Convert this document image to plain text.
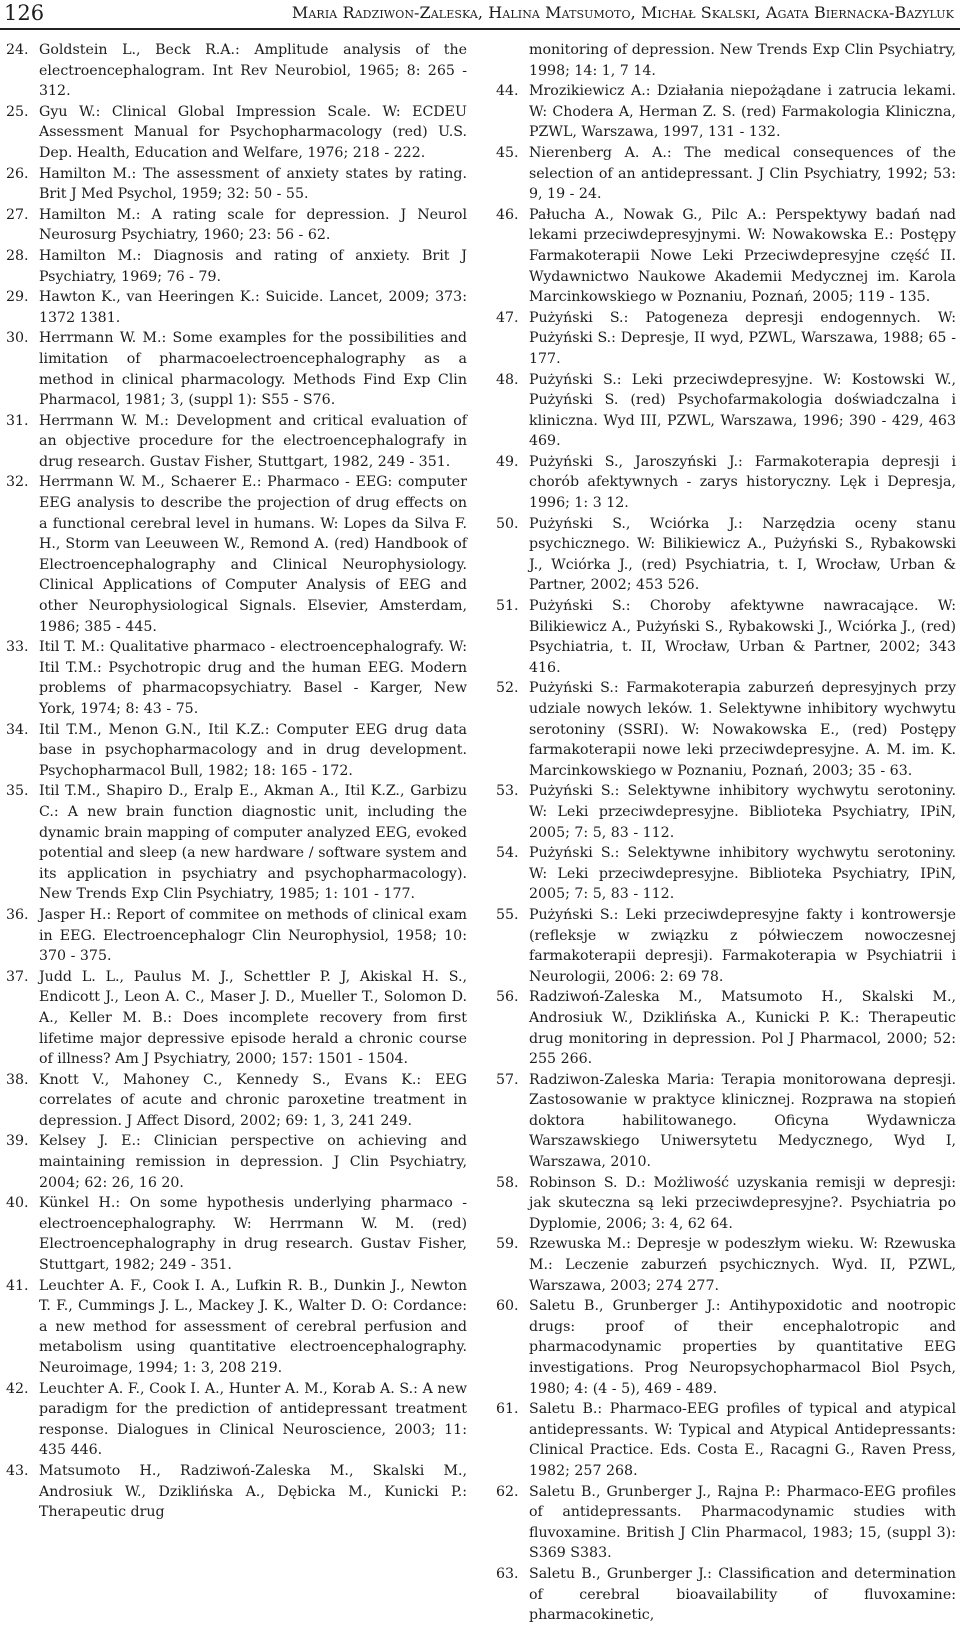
126	Maria Radziwon-Zaleska, Halina Matsumoto, Michał Skalski, Agata Biernacka-Bazyluk

24. Goldstein L., Beck R.A.: Amplitude analysis of the electroencephalogram. Int Rev Neurobiol, 1965; 8: 265 - 312.

25. Gyu W.: Clinical Global Impression Scale. W: ECDEU Assessment Manual for Psychopharmacology (red) U.S. Dep. Health, Education and Welfare, 1976; 218 - 222.

26. Hamilton M.: The assessment of anxiety states by rating. Brit J Med Psychol, 1959; 32: 50 - 55.

27. Hamilton M.: A rating scale for depression. J Neurol Neurosurg Psychiatry, 1960; 23: 56 - 62.

28. Hamilton M.: Diagnosis and rating of anxiety. Brit J Psychiatry, 1969; 76 - 79.

29. Hawton K., van Heeringen K.: Suicide. Lancet, 2009; 373: 1372 1381.

30. Herrmann W. M.: Some examples for the possibilities and limitation of pharmacoelectroencephalography as a method in clinical pharmacology. Methods Find Exp Clin Pharmacol, 1981; 3, (suppl 1): S55 - S76.

31. Herrmann W. M.: Development and critical evaluation of an objective procedure for the electroencephalografy in drug research. Gustav Fisher, Stuttgart, 1982, 249 - 351.

32. Herrmann W. M., Schaerer E.: Pharmaco - EEG: computer EEG analysis to describe the projection of drug effects on a functional cerebral level in humans. W: Lopes da Silva F. H., Storm van Leeuween W., Remond A. (red) Handbook of Electroencephalography and Clinical Neurophysiology. Clinical Applications of Computer Analysis of EEG and other Neurophysiological Signals. Elsevier, Amsterdam, 1986; 385 - 445.

33. Itil T. M.: Qualitative pharmaco - electroencephalografy. W: Itil T.M.: Psychotropic drug and the human EEG. Modern problems of pharmacopsychiatry. Basel - Karger, New York, 1974; 8: 43 - 75.

34. Itil T.M., Menon G.N., Itil K.Z.: Computer EEG drug data base in psychopharmacology and in drug development. Psychopharmacol Bull, 1982; 18: 165 - 172.

35. Itil T.M., Shapiro D., Eralp E., Akman A., Itil K.Z., Garbizu C.: A new brain function diagnostic unit, including the dynamic brain mapping of computer analyzed EEG, evoked potential and sleep (a new hardware / software system and its application in psychiatry and psychopharmacology). New Trends Exp Clin Psychiatry, 1985; 1: 101 - 177.

36. Jasper H.: Report of commitee on methods of clinical exam in EEG. Electroencephalogr Clin Neurophysiol, 1958; 10: 370 - 375.

37. Judd L. L., Paulus M. J., Schettler P. J, Akiskal H. S., Endicott J., Leon A. C., Maser J. D., Mueller T., Solomon D. A., Keller M. B.: Does incomplete recovery from first lifetime major depressive episode herald a chronic course of illness? Am J Psychiatry, 2000; 157: 1501 - 1504.

38. Knott V., Mahoney C., Kennedy S., Evans K.: EEG correlates of acute and chronic paroxetine treatment in depression. J Affect Disord, 2002; 69: 1, 3, 241 249.

39. Kelsey J. E.: Clinician perspective on achieving and maintaining remission in depression. J Clin Psychiatry, 2004; 62: 26, 16 20.

40. Künkel H.: On some hypothesis underlying pharmaco - electroencephalography. W: Herrmann W. M. (red) Electroencephalography in drug research. Gustav Fisher, Stuttgart, 1982; 249 - 351.

41. Leuchter A. F., Cook I. A., Lufkin R. B., Dunkin J., Newton T. F., Cummings J. L., Mackey J. K., Walter D. O: Cordance: a new method for assessment of cerebral perfusion and metabolism using quantitative electroencephalography. Neuroimage, 1994; 1: 3, 208 219.

42. Leuchter A. F., Cook I. A., Hunter A. M., Korab A. S.: A new paradigm for the prediction of antidepressant treatment response. Dialogues in Clinical Neuroscience, 2003; 11: 435 446.

43. Matsumoto H., Radziwoń-Zaleska M., Skalski M., Androsiuk W., Dziklińska A., Dębicka M., Kunicki P.: Therapeutic drug

monitoring of depression. New Trends Exp Clin Psychiatry, 1998; 14: 1, 7 14.

44. Mrozikiewicz A.: Działania niepożądane i zatrucia lekami. W: Chodera A, Herman Z. S. (red) Farmakologia Kliniczna, PZWL, Warszawa, 1997, 131 - 132.

45. Nierenberg A. A.: The medical consequences of the selection of an antidepressant. J Clin Psychiatry, 1992; 53: 9, 19 - 24.

46. Pałucha A., Nowak G., Pilc A.: Perspektywy badań nad lekami przeciwdepresyjnymi. W: Nowakowska E.: Postępy Farmakoterapii Nowe Leki Przeciwdepresyjne część II. Wydawnictwo Naukowe Akademii Medycznej im. Karola Marcinkowskiego w Poznaniu, Poznań, 2005; 119 - 135.

47. Pużyński S.: Patogeneza depresji endogennych. W: Pużyński S.: Depresje, II wyd, PZWL, Warszawa, 1988; 65 - 177.

48. Pużyński S.: Leki przeciwdepresyjne. W: Kostowski W., Pużyński S. (red) Psychofarmakologia doświadczalna i kliniczna. Wyd III, PZWL, Warszawa, 1996; 390 - 429, 463 469.

49. Pużyński S., Jaroszyński J.: Farmakoterapia depresji i chorób afektywnych - zarys historyczny. Lęk i Depresja, 1996; 1: 3 12.

50. Pużyński S., Wciórka J.: Narzędzia oceny stanu psychicznego. W: Bilikiewicz A., Pużyński S., Rybakowski J., Wciórka J., (red) Psychiatria, t. I, Wrocław, Urban & Partner, 2002; 453 526.

51. Pużyński S.: Choroby afektywne nawracające. W: Bilikiewicz A., Pużyński S., Rybakowski J., Wciórka J., (red) Psychiatria, t. II, Wrocław, Urban & Partner, 2002; 343 416.

52. Pużyński S.: Farmakoterapia zaburzeń depresyjnych przy udziale nowych leków. 1. Selektywne inhibitory wychwytu serotoniny (SSRI). W: Nowakowska E., (red) Postępy farmakoterapii nowe leki przeciwdepresyjne. A. M. im. K. Marcinkowskiego w Poznaniu, Poznań, 2003; 35 - 63.

53. Pużyński S.: Selektywne inhibitory wychwytu serotoniny. W: Leki przeciwdepresyjne. Biblioteka Psychiatry, IPiN, 2005; 7: 5, 83 - 112.

54. Pużyński S.: Selektywne inhibitory wychwytu serotoniny. W: Leki przeciwdepresyjne. Biblioteka Psychiatry, IPiN, 2005; 7: 5, 83 - 112.

55. Pużyński S.: Leki przeciwdepresyjne fakty i kontrowersje (refleksje w związku z półwieczem nowoczesnej farmakoterapii depresji). Farmakoterapia w Psychiatrii i Neurologii, 2006: 2: 69 78.

56. Radziwoń-Zaleska M., Matsumoto H., Skalski M., Androsiuk W., Dziklińska A., Kunicki P. K.: Therapeutic drug monitoring in depression. Pol J Pharmacol, 2000; 52: 255 266.

57. Radziwon-Zaleska Maria: Terapia monitorowana depresji. Zastosowanie w praktyce klinicznej. Rozprawa na stopień doktora habilitowanego. Oficyna Wydawnicza Warszawskiego Uniwersytetu Medycznego, Wyd I, Warszawa, 2010.

58. Robinson S. D.: Możliwość uzyskania remisji w depresji: jak skuteczna są leki przeciwdepresyjne?. Psychiatria po Dyplomie, 2006; 3: 4, 62 64.

59. Rzewuska M.: Depresje w podeszłym wieku. W: Rzewuska M.: Leczenie zaburzeń psychicznych. Wyd. II, PZWL, Warszawa, 2003; 274 277.

60. Saletu B., Grunberger J.: Antihypoxidotic and nootropic drugs: proof of their encephalotropic and pharmacodynamic properties by quantitative EEG investigations. Prog Neuropsychopharmacol Biol Psych, 1980; 4: (4 - 5), 469 - 489.

61. Saletu B.: Pharmaco-EEG profiles of typical and atypical antidepressants. W: Typical and Atypical Antidepressants: Clinical Practice. Eds. Costa E., Racagni G., Raven Press, 1982; 257 268.

62. Saletu B., Grunberger J., Rajna P.: Pharmaco-EEG profiles of antidepressants. Pharmacodynamic studies with fluvoxamine. British J Clin Pharmacol, 1983; 15, (suppl 3): S369 S383.

63. Saletu B., Grunberger J.: Classification and determination of cerebral bioavailability of fluvoxamine: pharmacokinetic,
